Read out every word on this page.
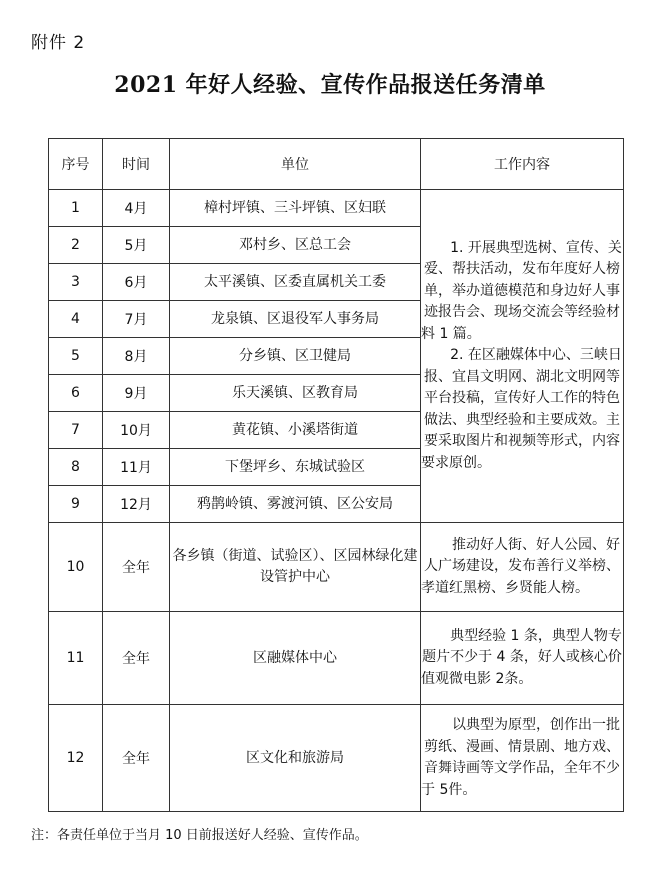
附件 2
2021 年好人经验、宣传作品报送任务清单
序号	时间	单位	工作内容
1	4月	樟村坪镇、三斗坪镇、区妇联	1. 开展典型选树、宣传、关爱、帮扶活动，发布年度好人榜单，举办道德模范和身边好人事迹报告会、现场交流会等经验材料 1 篇。

2. 在区融媒体中心、三峡日报、宜昌文明网、湖北文明网等平台投稿，宣传好人工作的特色做法、典型经验和主要成效。主要采取图片和视频等形式，内容要求原创。

2	5月	邓村乡、区总工会	
3	6月	太平溪镇、区委直属机关工委	
4	7月	龙泉镇、区退役军人事务局	
5	8月	分乡镇、区卫健局	
6	9月	乐天溪镇、区教育局	
7	10月	黄花镇、小溪塔街道	
8	11月	下堡坪乡、东城试验区	
9	12月	鸦鹊岭镇、雾渡河镇、区公安局	
10	全年	各乡镇（街道、试验区）、区园林绿化建设管护中心	推动好人街、好人公园、好人广场建设，发布善行义举榜、孝道红黑榜、乡贤能人榜。

11	全年	区融媒体中心	典型经验 1 条，典型人物专题片不少于 4 条，好人或核心价值观微电影 2条。

12	全年	区文化和旅游局	以典型为原型，创作出一批剪纸、漫画、情景剧、地方戏、音舞诗画等文学作品，全年不少于 5件。

注：各责任单位于当月 10 日前报送好人经验、宣传作品。
